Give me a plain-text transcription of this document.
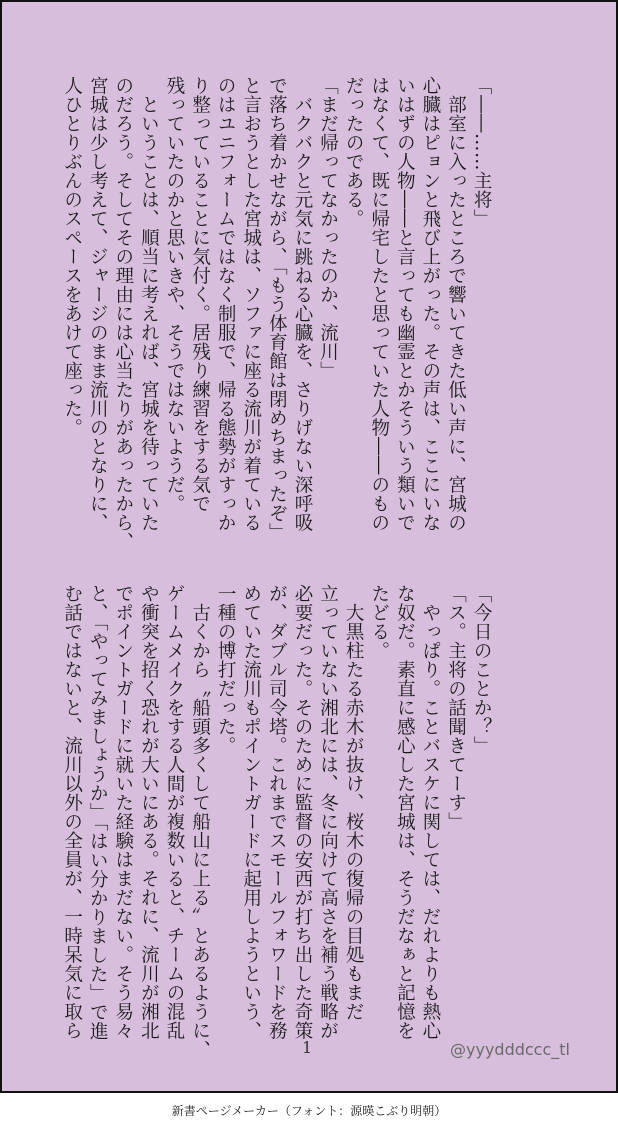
「――……主将」

　部室に入ったところで響いてきた低い声に、宮城の

心臓はピョンと飛び上がった。その声は、ここにいな

いはずの人物――と言っても幽霊とかそういう類いで

はなくて、既に帰宅したと思っていた人物――のもの

だったのである。

「まだ帰ってなかったのか、流川」

　バクバクと元気に跳ねる心臓を、さりげない深呼吸

で落ち着かせながら、「もう体育館は閉めちまったぞ」

と言おうとした宮城は、ソファに座る流川が着ている

のはユニフォームではなく制服で、帰る態勢がすっか

り整っていることに気付く。居残り練習をする気で

残っていたのかと思いきや、そうではないようだ。

　ということは、順当に考えれば、宮城を待っていた

のだろう。そしてその理由には心当たりがあったから、

宮城は少し考えて、ジャージのまま流川のとなりに、

人ひとりぶんのスペースをあけて座った。

「今日のことか？」

「ス。主将の話聞きてーす」

　やっぱり。ことバスケに関しては、だれよりも熱心

な奴だ。素直に感心した宮城は、そうだなぁと記憶を

たどる。

　大黒柱たる赤木が抜け、桜木の復帰の目処もまだ

立っていない湘北には、冬に向けて高さを補う戦略が

必要だった。そのために監督の安西が打ち出した奇策

が、ダブル司令塔。これまでスモールフォワードを務

めていた流川もポイントガードに起用しようという、

一種の博打だった。

　古くから〝船頭多くして船山に上る〟とあるように、

ゲームメイクをする人間が複数いると、チームの混乱

や衝突を招く恐れが大いにある。それに、流川が湘北

でポイントガードに就いた経験はまだない。そう易々

と、「やってみましょうか」「はい分かりました」で進

む話ではないと、流川以外の全員が、一時呆気に取ら

1	@yyydddccc_tl
新書ページメーカー（フォント：源暎こぶり明朝）
